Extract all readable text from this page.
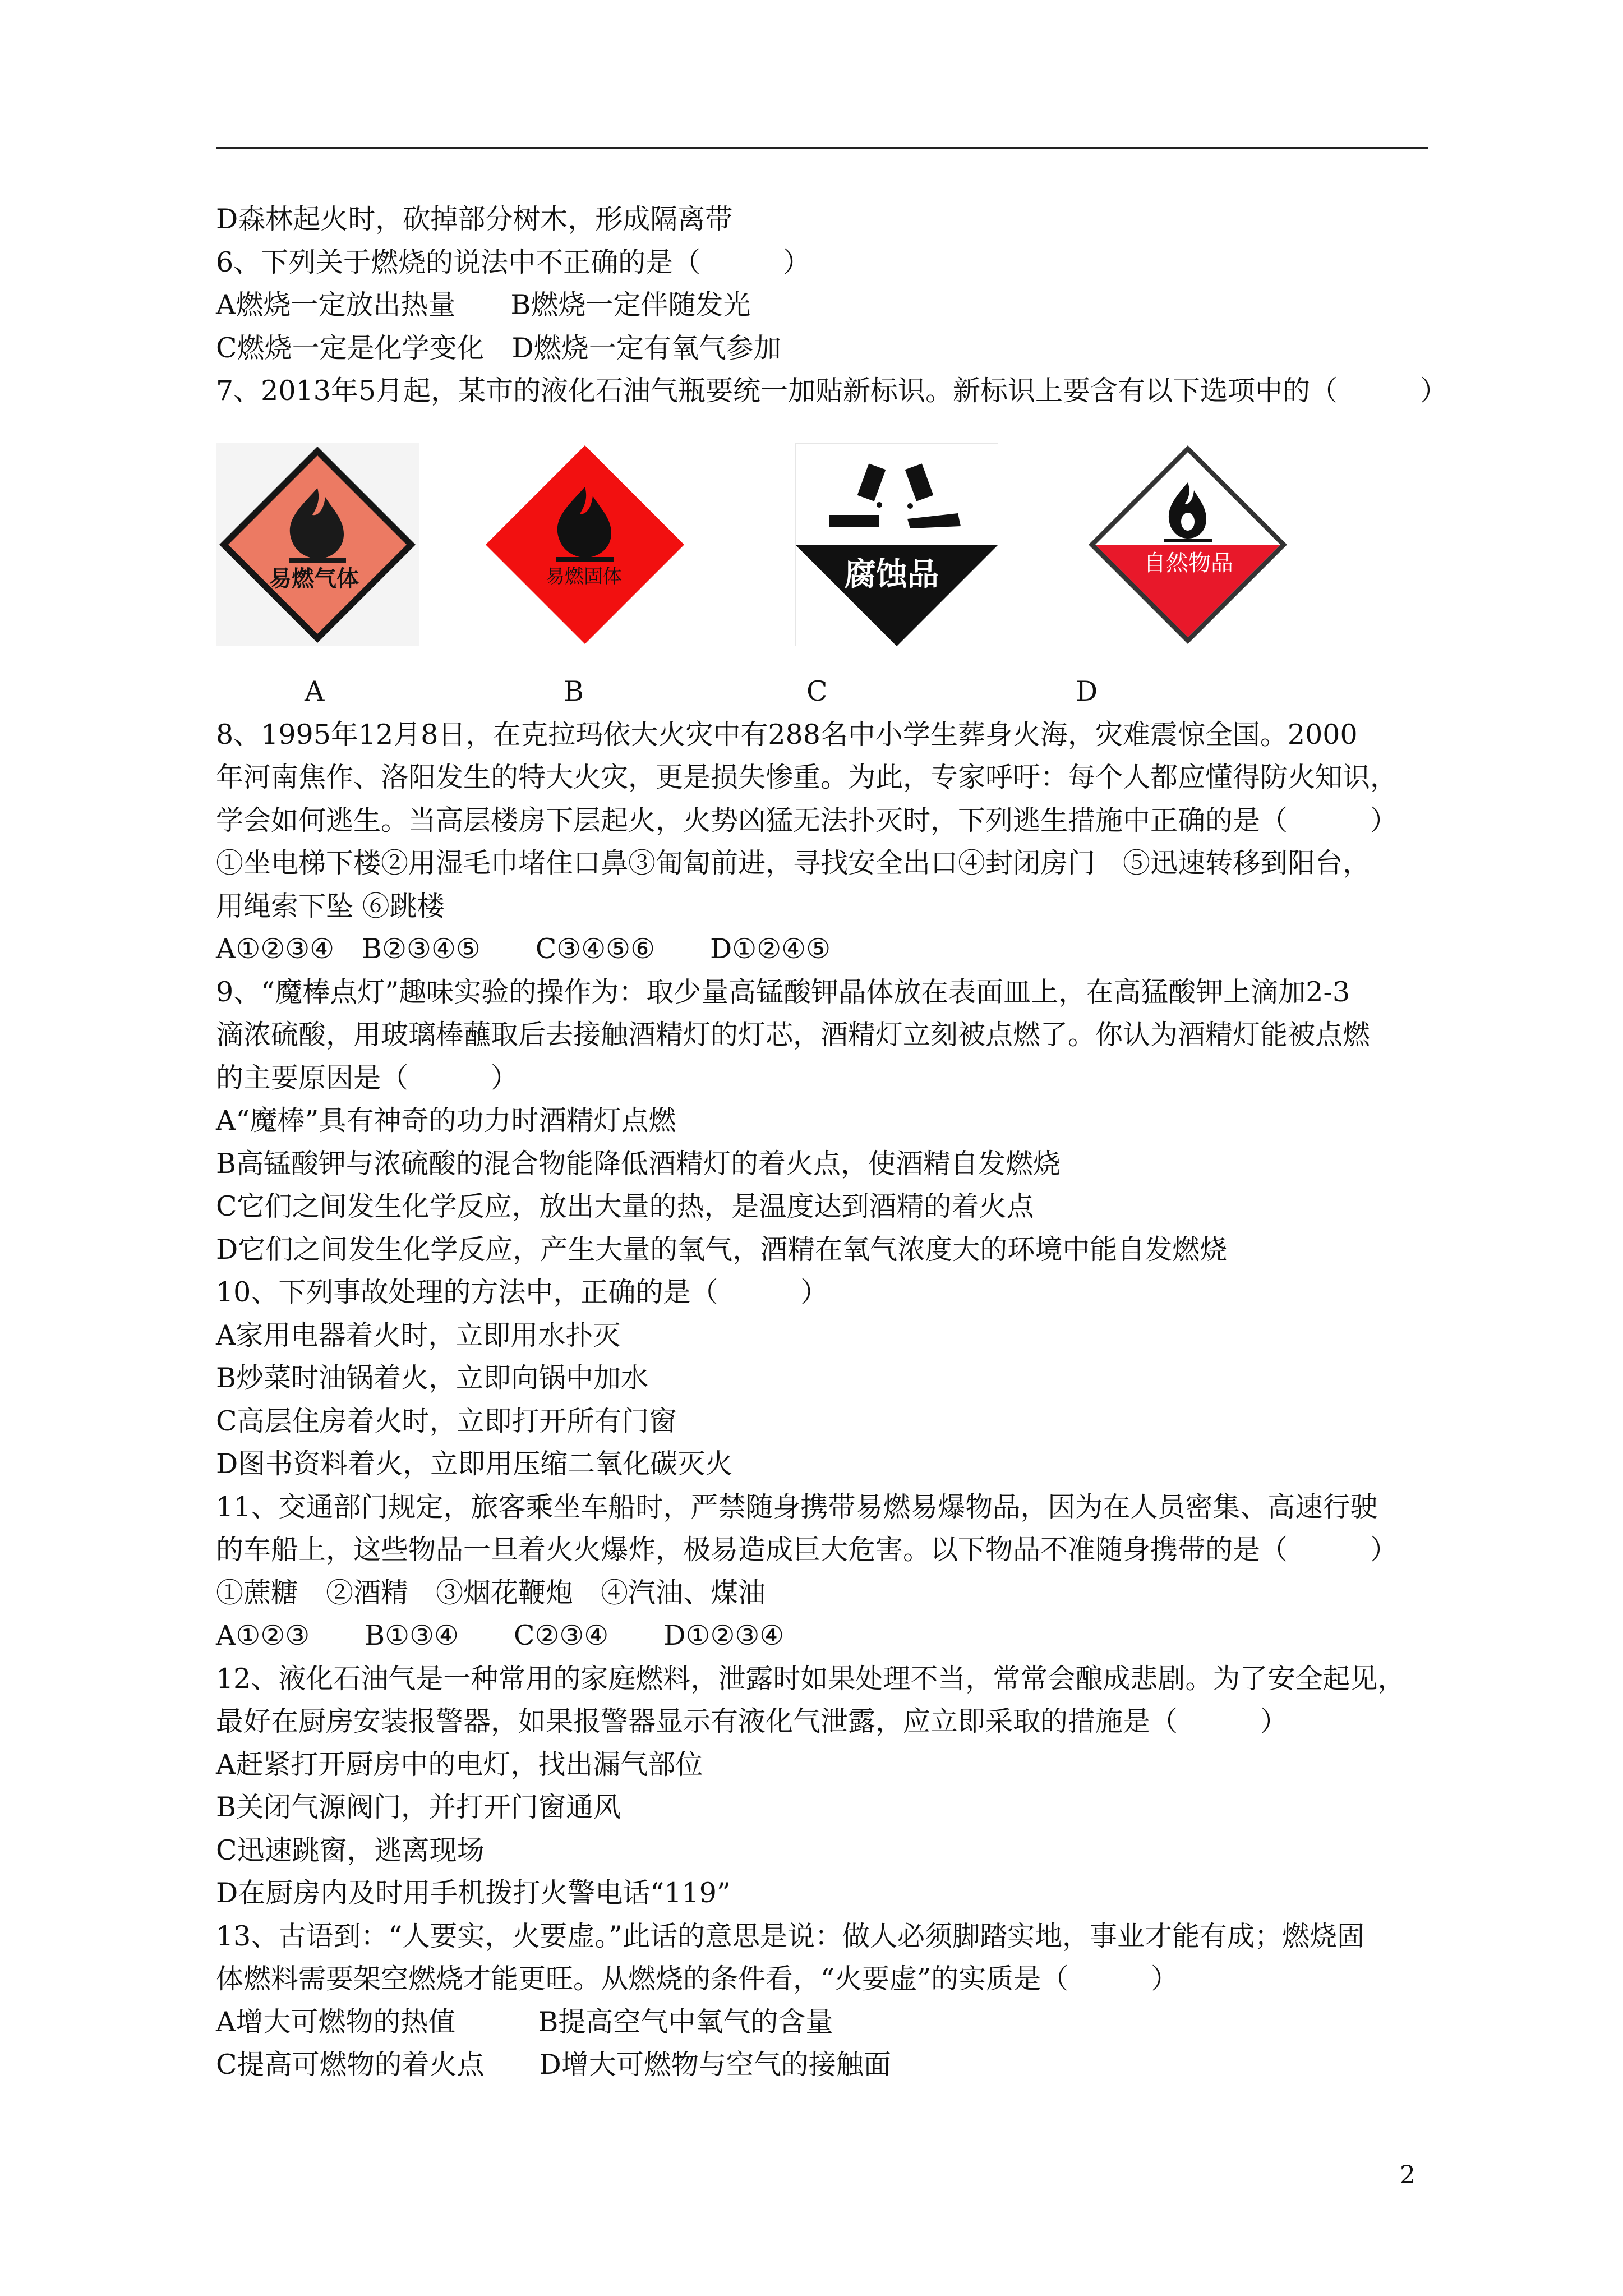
D森林起火时，砍掉部分树木，形成隔离带
6、下列关于燃烧的说法中不正确的是（　　　）
A燃烧一定放出热量　　B燃烧一定伴随发光
C燃烧一定是化学变化　D燃烧一定有氧气参加
7、2013年5月起，某市的液化石油气瓶要统一加贴新标识。新标识上要含有以下选项中的（　　　）
易燃气体	易燃固体	腐蚀品	自然物品
A	B	C	D
8、1995年12月8日，在克拉玛依大火灾中有288名中小学生葬身火海，灾难震惊全国。2000
年河南焦作、洛阳发生的特大火灾，更是损失惨重。为此，专家呼吁：每个人都应懂得防火知识，
学会如何逃生。当高层楼房下层起火，火势凶猛无法扑灭时，下列逃生措施中正确的是（　　　）
①坐电梯下楼②用湿毛巾堵住口鼻③匍匐前进，寻找安全出口④封闭房门　⑤迅速转移到阳台，
用绳索下坠 ⑥跳楼
A①②③④　B②③④⑤　　C③④⑤⑥　　D①②④⑤
9、“魔棒点灯”趣味实验的操作为：取少量高锰酸钾晶体放在表面皿上，在高猛酸钾上滴加2-3
滴浓硫酸，用玻璃棒蘸取后去接触酒精灯的灯芯，酒精灯立刻被点燃了。你认为酒精灯能被点燃
的主要原因是（　　　）
A“魔棒”具有神奇的功力时酒精灯点燃
B高锰酸钾与浓硫酸的混合物能降低酒精灯的着火点，使酒精自发燃烧
C它们之间发生化学反应，放出大量的热，是温度达到酒精的着火点
D它们之间发生化学反应，产生大量的氧气，酒精在氧气浓度大的环境中能自发燃烧
10、下列事故处理的方法中，正确的是（　　　）
A家用电器着火时，立即用水扑灭
B炒菜时油锅着火，立即向锅中加水
C高层住房着火时，立即打开所有门窗
D图书资料着火，立即用压缩二氧化碳灭火
11、交通部门规定，旅客乘坐车船时，严禁随身携带易燃易爆物品，因为在人员密集、高速行驶
的车船上，这些物品一旦着火火爆炸，极易造成巨大危害。以下物品不准随身携带的是（　　　）
①蔗糖　②酒精　③烟花鞭炮　④汽油、煤油
A①②③　　B①③④　　C②③④　　D①②③④
12、液化石油气是一种常用的家庭燃料，泄露时如果处理不当，常常会酿成悲剧。为了安全起见，
最好在厨房安装报警器，如果报警器显示有液化气泄露，应立即采取的措施是（　　　）
A赶紧打开厨房中的电灯，找出漏气部位
B关闭气源阀门，并打开门窗通风
C迅速跳窗，逃离现场
D在厨房内及时用手机拨打火警电话“119”
13、古语到：“人要实，火要虚。”此话的意思是说：做人必须脚踏实地，事业才能有成；燃烧固
体燃料需要架空燃烧才能更旺。从燃烧的条件看，“火要虚”的实质是（　　　）
A增大可燃物的热值　　　B提高空气中氧气的含量
C提高可燃物的着火点　　D增大可燃物与空气的接触面
2
